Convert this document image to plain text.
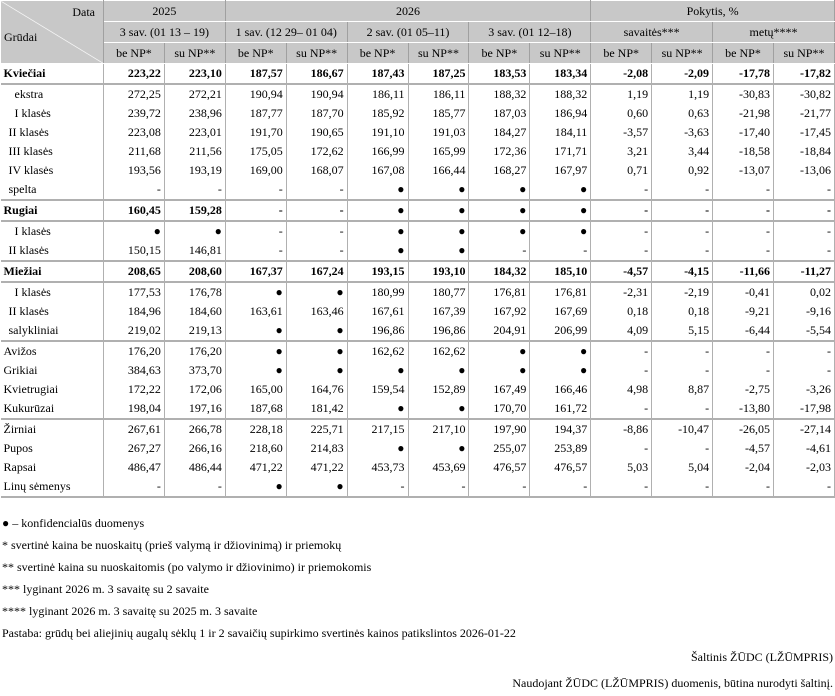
Data
Grūdai	2025		2026						Pokytis, %			
	3 sav. (01 13 – 19)		1 sav. (12 29– 01 04)		2 sav. (01 05–11)		3 sav. (01 12–18)		savaitės***		metų****	
	be NP*	su NP**	be NP*	su NP**	be NP*	su NP**	be NP*	su NP**	be NP*	su NP**	be NP*	su NP**
Kviečiai	223,22	223,10	187,57	186,67	187,43	187,25	183,53	183,34	-2,08	-2,09	-17,78	-17,82
ekstra	272,25	272,21	190,94	190,94	186,11	186,11	188,32	188,32	1,19	1,19	-30,83	-30,82
I klasės	239,72	238,96	187,77	187,70	185,92	185,77	187,03	186,94	0,60	0,63	-21,98	-21,77
II klasės	223,08	223,01	191,70	190,65	191,10	191,03	184,27	184,11	-3,57	-3,63	-17,40	-17,45
III klasės	211,68	211,56	175,05	172,62	166,99	165,99	172,36	171,71	3,21	3,44	-18,58	-18,84
IV klasės	193,56	193,19	169,00	168,07	167,08	166,44	168,27	167,97	0,71	0,92	-13,07	-13,06
spelta	-	-	-	-	●	●	●	●	-	-	-	-
Rugiai	160,45	159,28	-	-	●	●	●	●	-	-	-	-
I klasės	●	●	-	-	●	●	●	●	-	-	-	-
II klasės	150,15	146,81	-	-	●	●	-	-	-	-	-	-
Miežiai	208,65	208,60	167,37	167,24	193,15	193,10	184,32	185,10	-4,57	-4,15	-11,66	-11,27
I klasės	177,53	176,78	●	●	180,99	180,77	176,81	176,81	-2,31	-2,19	-0,41	0,02
II klasės	184,96	184,60	163,61	163,46	167,61	167,39	167,92	167,69	0,18	0,18	-9,21	-9,16
salykliniai	219,02	219,13	●	●	196,86	196,86	204,91	206,99	4,09	5,15	-6,44	-5,54
Avižos	176,20	176,20	●	●	162,62	162,62	●	●	-	-	-	-
Grikiai	384,63	373,70	●	●	●	●	●	●	-	-	-	-
Kvietrugiai	172,22	172,06	165,00	164,76	159,54	152,89	167,49	166,46	4,98	8,87	-2,75	-3,26
Kukurūzai	198,04	197,16	187,68	181,42	●	●	170,70	161,72	-	-	-13,80	-17,98
Žirniai	267,61	266,78	228,18	225,71	217,15	217,10	197,90	194,37	-8,86	-10,47	-26,05	-27,14
Pupos	267,27	266,16	218,60	214,83	●	●	255,07	253,89	-	-	-4,57	-4,61
Rapsai	486,47	486,44	471,22	471,22	453,73	453,69	476,57	476,57	5,03	5,04	-2,04	-2,03
Linų sėmenys	-	-	●	●	-	-	-	-	-	-	-	-
● – konfidencialūs duomenys
* svertinė kaina be nuoskaitų (prieš valymą ir džiovinimą) ir priemokų
** svertinė kaina su nuoskaitomis (po valymo ir džiovinimo) ir priemokomis
*** lyginant 2026 m. 3 savaitę su 2 savaite
**** lyginant 2026 m. 3 savaitę su 2025 m. 3 savaite
Pastaba: grūdų bei aliejinių augalų sėklų 1 ir 2 savaičių supirkimo svertinės kainos patikslintos 2026-01-22
Šaltinis ŽŪDC (LŽŪMPRIS)
Naudojant ŽŪDC (LŽŪMPRIS) duomenis, būtina nurodyti šaltinį.
